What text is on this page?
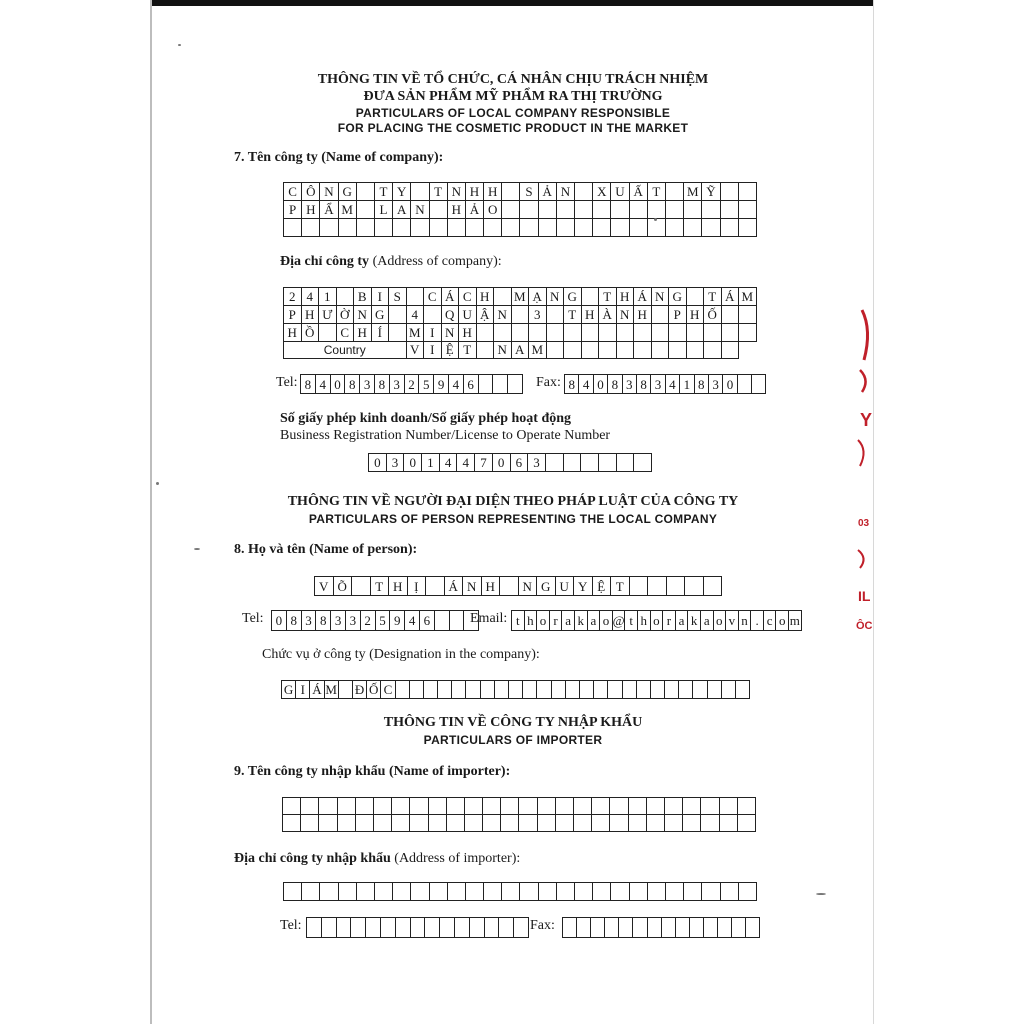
THÔNG TIN VỀ TỔ CHỨC, CÁ NHÂN CHỊU TRÁCH NHIỆM
ĐƯA SẢN PHẨM MỸ PHẨM RA THỊ TRƯỜNG
PARTICULARS OF LOCAL COMPANY RESPONSIBLE
FOR PLACING THE COSMETIC PRODUCT IN THE MARKET
7. Tên công ty (Name of company):
C Ô N G	T Y	T N H H	S Ả N	X U Ấ T	M Ỹ
P H Ẩ M	L A N	H Ả O
Địa chỉ công ty (Address of company):
2 4 1	B I S	C Á C H	M Ạ N G	T H Á N G	T Á M
P H Ư Ờ N G	4	Q U Ậ N	3	T H À N H	P H Ố
H Ồ	C H Í	M I N H
Country	V I Ệ T	N A M
Tel: 8 4 0 8 3 8 3 2 5 9 4 6	Fax: 8 4 0 8 3 8 3 4 1 8 3 0
Số giấy phép kinh doanh/Số giấy phép hoạt động
Business Registration Number/License to Operate Number
0 3 0 1 4 4 7 0 6 3
THÔNG TIN VỀ NGƯỜI ĐẠI DIỆN THEO PHÁP LUẬT CỦA CÔNG TY
PARTICULARS OF PERSON REPRESENTING THE LOCAL COMPANY
8. Họ và tên (Name of person):
V Õ	T H Ị	Á N H	N G U Y Ệ T
Tel: 0 8 3 8 3 3 2 5 9 4 6	Email: t h o r a k a o @ t h o r a k a o v n . c o m
Chức vụ ở công ty (Designation in the company):
G I Á M Đ Ố C
THÔNG TIN VỀ CÔNG TY NHẬP KHẨU
PARTICULARS OF IMPORTER
9. Tên công ty nhập khẩu (Name of importer):
Địa chỉ công ty nhập khẩu (Address of importer):
Tel:	Fax:
Y
03
IL
ÔC
